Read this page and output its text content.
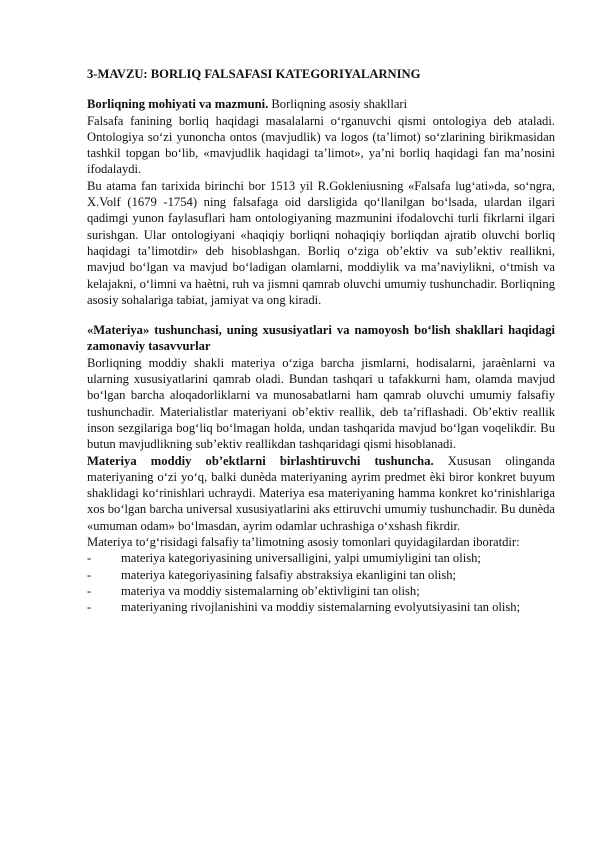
3-MAVZU: BORLIQ FALSAFASI KATEGORIYALARNING

Borliqning mohiyati va mazmuni. Borliqning asosiy shakllari

Falsafa fanining borliq haqidagi masalalarni o‘rganuvchi qismi ontologiya deb ataladi. Ontologiya so‘zi yunoncha ontos (mavjudlik) va logos (ta’limot) so‘zlarining birikmasidan tashkil topgan bo‘lib, «mavjudlik haqidagi ta’limot», ya’ni borliq haqidagi fan ma’nosini ifodalaydi.

Bu atama fan tarixida birinchi bor 1513 yil R.Gokleniusning «Falsafa lug‘ati»da, so‘ngra, X.Volf (1679 -1754) ning falsafaga oid darsligida qo‘llanilgan bo‘lsada, ulardan ilgari qadimgi yunon faylasuflari ham ontologiyaning mazmunini ifodalovchi turli fikrlarni ilgari surishgan. Ular ontologiyani «haqiqiy borliqni nohaqiqiy borliqdan ajratib oluvchi borliq haqidagi ta’limotdir» deb hisoblashgan. Borliq o‘ziga ob’ektiv va sub’ektiv reallikni, mavjud bo‘lgan va mavjud bo‘ladigan olamlarni, moddiylik va ma’naviylikni, o‘tmish va kelajakni, o‘limni va haѐtni, ruh va jismni qamrab oluvchi umumiy tushunchadir. Borliqning asosiy sohalariga tabiat, jamiyat va ong kiradi.

«Materiya» tushunchasi, uning xususiyatlari va namoyosh bo‘lish shakllari haqidagi zamonaviy tasavvurlar

Borliqning moddiy shakli materiya o‘ziga barcha jismlarni, hodisalarni, jaraѐnlarni va ularning xususiyatlarini qamrab oladi. Bundan tashqari u tafakkurni ham, olamda mavjud bo‘lgan barcha aloqadorliklarni va munosabatlarni ham qamrab oluvchi umumiy falsafiy tushunchadir. Materialistlar materiyani ob’ektiv reallik, deb ta’riflashadi. Ob’ektiv reallik inson sezgilariga bog‘liq bo‘lmagan holda, undan tashqarida mavjud bo‘lgan voqelikdir. Bu butun mavjudlikning sub’ektiv reallikdan tashqaridagi qismi hisoblanadi.

Materiya moddiy ob’ektlarni birlashtiruvchi tushuncha. Xususan olinganda materiyaning o‘zi yo‘q, balki dunѐda materiyaning ayrim predmet ѐki biror konkret buyum shaklidagi ko‘rinishlari uchraydi. Materiya esa materiyaning hamma konkret ko‘rinishlariga xos bo‘lgan barcha universal xususiyatlarini aks ettiruvchi umumiy tushunchadir. Bu dunѐda «umuman odam» bo‘lmasdan, ayrim odamlar uchrashiga o‘xshash fikrdir.

Materiya to‘g‘risidagi falsafiy ta’limotning asosiy tomonlari quyidagilardan iboratdir:

-	materiya kategoriyasining universalligini, yalpi umumiyligini tan olish;
-	materiya kategoriyasining falsafiy abstraksiya ekanligini tan olish;
-	materiya va moddiy sistemalarning ob’ektivligini tan olish;
-	materiyaning rivojlanishini va moddiy sistemalarning evolyutsiyasini tan olish;
